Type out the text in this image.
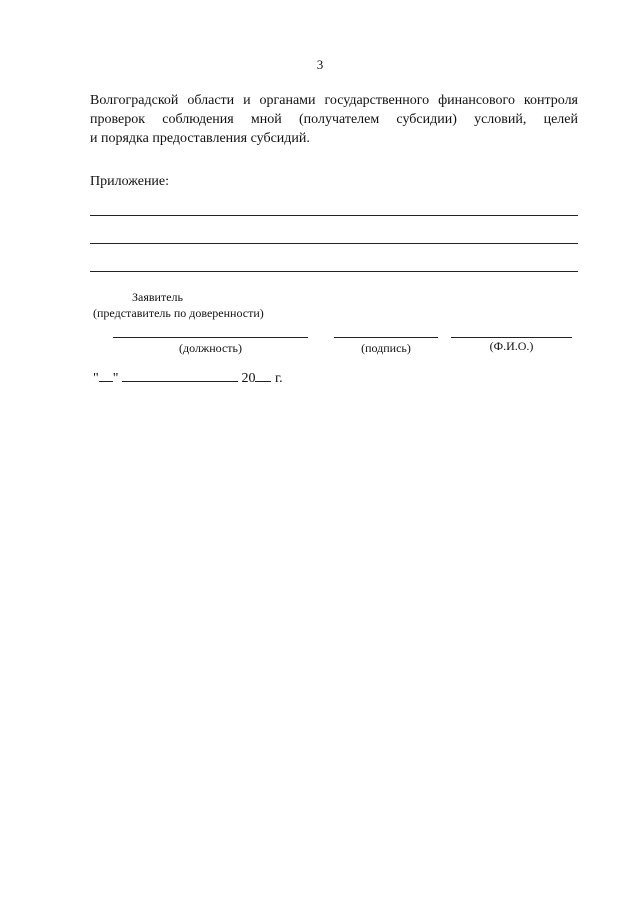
3
Волгоградской области и органами государственного финансового контроля
проверок соблюдения мной (получателем субсидии) условий, целей
и порядка предоставления субсидий.
Приложение:
Заявитель
(представитель по доверенности)
(должность)	(подпись)	(Ф.И.О.)
" "	20 г.
